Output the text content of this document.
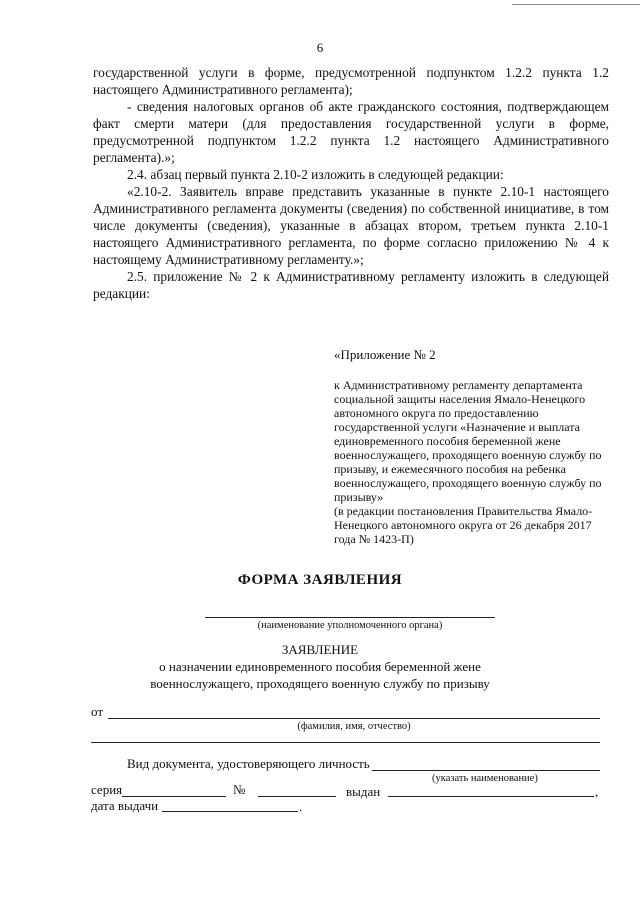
6

государственной услуги в форме, предусмотренной подпунктом 1.2.2 пункта 1.2 настоящего Административного регламента);

- сведения налоговых органов об акте гражданского состояния, подтверждающем факт смерти матери (для предоставления государственной услуги в форме, предусмотренной подпунктом 1.2.2 пункта 1.2 настоящего Административного регламента).»;

2.4. абзац первый пункта 2.10-2 изложить в следующей редакции:

«2.10-2. Заявитель вправе представить указанные в пункте 2.10-1 настоящего Административного регламента документы (сведения) по собственной инициативе, в том числе документы (сведения), указанные в абзацах втором, третьем пункта 2.10-1 настоящего Административного регламента, по форме согласно приложению № 4 к настоящему Административному регламенту.»;

2.5. приложение № 2 к Административному регламенту изложить в следующей редакции:

«Приложение № 2

к Административному регламенту департамента социальной защиты населения Ямало-Ненецкого автономного округа по предоставлению государственной услуги «Назначение и выплата единовременного пособия беременной жене военнослужащего, проходящего военную службу по призыву, и ежемесячного пособия на ребенка военнослужащего, проходящего военную службу по призыву»

(в редакции постановления Правительства Ямало-Ненецкого автономного округа от 26 декабря 2017 года № 1423-П)

ФОРМА ЗАЯВЛЕНИЯ
(наименование уполномоченного органа)
ЗАЯВЛЕНИЕ
о назначении единовременного пособия беременной жене
военнослужащего, проходящего военную службу по призыву
от
(фамилия, имя, отчество)
Вид документа, удостоверяющего личность
(указать наименование)
серия	№	выдан	,
дата выдачи	.
